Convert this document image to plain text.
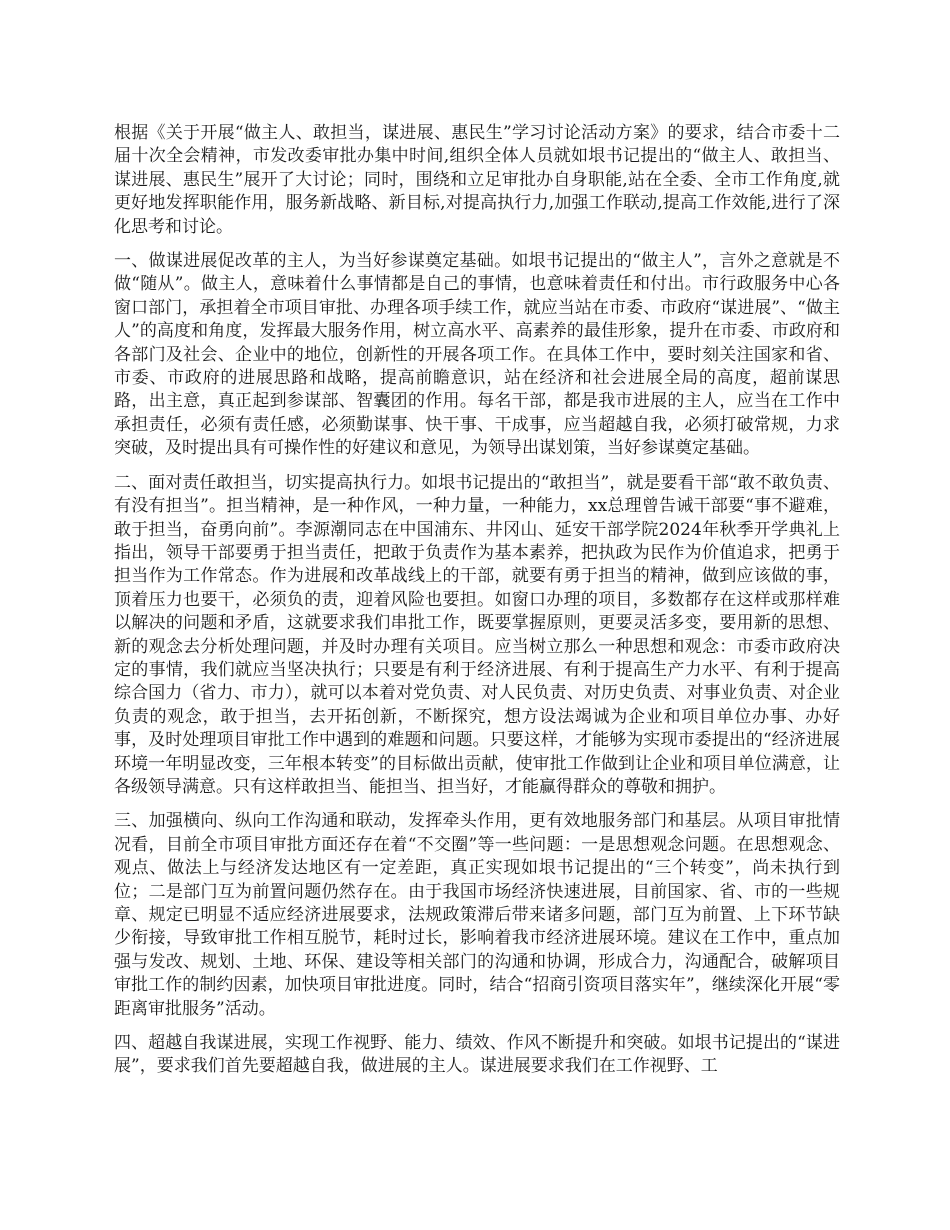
根据《关于开展“做主人、敢担当，谋进展、惠民生”学习讨论活动方案》的要求，结合市委十二届十次全会精神，市发改委审批办集中时间,组织全体人员就如垠书记提出的“做主人、敢担当、谋进展、惠民生”展开了大讨论；同时，围绕和立足审批办自身职能,站在全委、全市工作角度,就更好地发挥职能作用，服务新战略、新目标,对提高执行力,加强工作联动,提高工作效能,进行了深化思考和讨论。

一、做谋进展促改革的主人，为当好参谋奠定基础。如垠书记提出的“做主人”，言外之意就是不做“随从”。做主人，意味着什么事情都是自己的事情，也意味着责任和付出。市行政服务中心各窗口部门，承担着全市项目审批、办理各项手续工作，就应当站在市委、市政府“谋进展”、“做主人”的高度和角度，发挥最大服务作用，树立高水平、高素养的最佳形象，提升在市委、市政府和各部门及社会、企业中的地位，创新性的开展各项工作。在具体工作中，要时刻关注国家和省、市委、市政府的进展思路和战略，提高前瞻意识，站在经济和社会进展全局的高度，超前谋思路，出主意，真正起到参谋部、智囊团的作用。每名干部，都是我市进展的主人，应当在工作中承担责任，必须有责任感，必须勤谋事、快干事、干成事，应当超越自我，必须打破常规，力求突破，及时提出具有可操作性的好建议和意见，为领导出谋划策，当好参谋奠定基础。

二、面对责任敢担当，切实提高执行力。如垠书记提出的“敢担当”，就是要看干部“敢不敢负责、有没有担当”。担当精神，是一种作风，一种力量，一种能力，xx总理曾告诫干部要“事不避难，敢于担当，奋勇向前”。李源潮同志在中国浦东、井冈山、延安干部学院2024年秋季开学典礼上指出，领导干部要勇于担当责任，把敢于负责作为基本素养，把执政为民作为价值追求，把勇于担当作为工作常态。作为进展和改革战线上的干部，就要有勇于担当的精神，做到应该做的事，顶着压力也要干，必须负的责，迎着风险也要担。如窗口办理的项目，多数都存在这样或那样难以解决的问题和矛盾，这就要求我们串批工作，既要掌握原则，更要灵活多变，要用新的思想、新的观念去分析处理问题，并及时办理有关项目。应当树立那么一种思想和观念：市委市政府决定的事情，我们就应当坚决执行；只要是有利于经济进展、有利于提高生产力水平、有利于提高综合国力（省力、市力），就可以本着对党负责、对人民负责、对历史负责、对事业负责、对企业负责的观念，敢于担当，去开拓创新，不断探究，想方设法竭诚为企业和项目单位办事、办好事，及时处理项目审批工作中遇到的难题和问题。只要这样，才能够为实现市委提出的“经济进展环境一年明显改变，三年根本转变”的目标做出贡献，使审批工作做到让企业和项目单位满意，让各级领导满意。只有这样敢担当、能担当、担当好，才能赢得群众的尊敬和拥护。

三、加强横向、纵向工作沟通和联动，发挥牵头作用，更有效地服务部门和基层。从项目审批情况看，目前全市项目审批方面还存在着“不交圈”等一些问题：一是思想观念问题。在思想观念、观点、做法上与经济发达地区有一定差距，真正实现如垠书记提出的“三个转变”，尚未执行到位；二是部门互为前置问题仍然存在。由于我国市场经济快速进展，目前国家、省、市的一些规章、规定已明显不适应经济进展要求，法规政策滞后带来诸多问题，部门互为前置、上下环节缺少衔接，导致审批工作相互脱节，耗时过长，影响着我市经济进展环境。建议在工作中，重点加强与发改、规划、土地、环保、建设等相关部门的沟通和协调，形成合力，沟通配合，破解项目审批工作的制约因素，加快项目审批进度。同时，结合“招商引资项目落实年”，继续深化开展“零距离审批服务”活动。

四、超越自我谋进展，实现工作视野、能力、绩效、作风不断提升和突破。如垠书记提出的“谋进展”，要求我们首先要超越自我，做进展的主人。谋进展要求我们在工作视野、工
